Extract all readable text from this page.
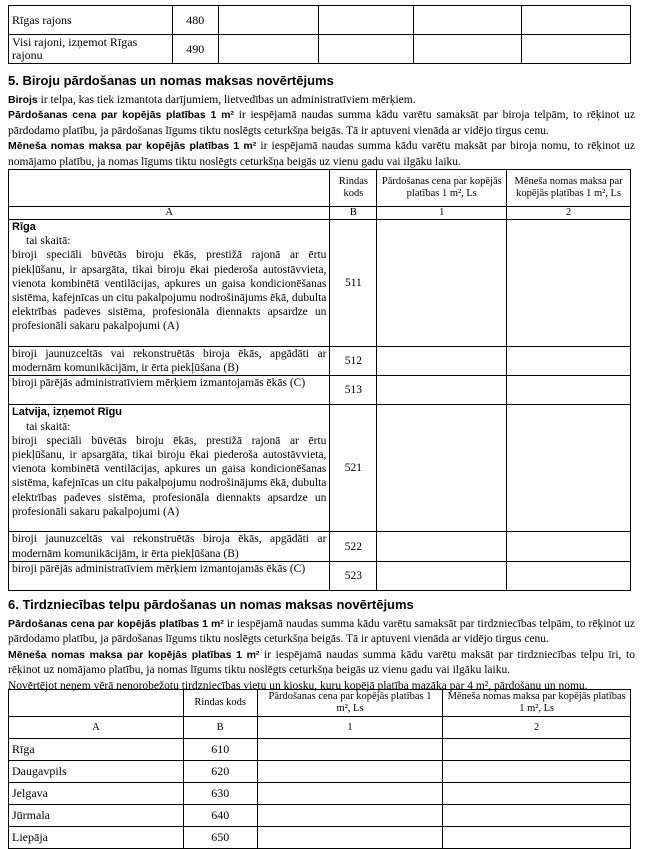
Rīgas rajons	480				
Visi rajoni, izņemot Rīgas rajonu	490				
5. Biroju pārdošanas un nomas maksas novērtējums

Birojs ir telpa, kas tiek izmantota darījumiem, lietvedības un administratīviem mērķiem.

Pārdošanas cena par kopējās platības 1 m² ir iespējamā naudas summa kādu varētu samaksāt par biroja telpām, to rēķinot uz pārdodamo platību, ja pārdošanas līgums tiktu noslēgts ceturkšņa beigās. Tā ir aptuveni vienāda ar vidējo tirgus cenu.

Mēneša nomas maksa par kopējās platības 1 m² ir iespējamā naudas summa kādu varētu maksāt par biroja nomu, to rēķinot uz nomājamo platību, ja nomas līgums tiktu noslēgts ceturkšņa beigās uz vienu gadu vai ilgāku laiku.

	Rindas kods	Pārdošanas cena par kopējās platības 1 m², Ls	Mēneša nomas maksa par kopējās platības 1 m², Ls
A	B	1	2

Rīga
tai skaitā:
biroji speciāli būvētās biroju ēkās, prestižā rajonā ar ērtu piekļūšanu, ir apsargāta, tikai biroju ēkai piederoša autostāvvieta, vienota kombinētā ventilācijas, apkures un gaisa kondicionēšanas sistēma, kafejnīcas un citu pakalpojumu nodrošinājums ēkā, dubulta elektrības padeves sistēma, profesionāla diennakts apsardze un profesionāli sakaru pakalpojumi (A)	511		
biroji jaunuzceltās vai rekonstruētās biroja ēkās, apgādāti ar modernām komunikācijām, ir ērta piekļūšana (B)	512		
biroji pārējās administratīviem mērķiem izmantojamās ēkās (C)	513		

Latvija, izņemot Rīgu
tai skaitā:
biroji speciāli būvētās biroju ēkās, prestižā rajonā ar ērtu piekļūšanu, ir apsargāta, tikai biroju ēkai piederoša autostāvvieta, vienota kombinētā ventilācijas, apkures un gaisa kondicionēšanas sistēma, kafejnīcas un citu pakalpojumu nodrošinājums ēkā, dubulta elektrības padeves sistēma, profesionāla diennakts apsardze un profesionāli sakaru pakalpojumi (A)	521		
biroji jaunuzceltās vai rekonstruētās biroja ēkās, apgādāti ar modernām komunikācijām, ir ērta piekļūšana (B)	522		
biroji pārējās administratīviem mērķiem izmantojamās ēkās (C)	523		
6. Tirdzniecības telpu pārdošanas un nomas maksas novērtējums

Pārdošanas cena par kopējās platības 1 m² ir iespējamā naudas summa kādu varētu samaksāt par tirdzniecības telpām, to rēķinot uz pārdodamo platību, ja pārdošanas līgums tiktu noslēgts ceturkšņa beigās. Tā ir aptuveni vienāda ar vidējo tirgus cenu.

Mēneša nomas maksa par kopējās platības 1 m² ir iespējamā naudas summa kādu varētu maksāt par tirdzniecības telpu īri, to rēķinot uz nomājamo platību, ja nomas līgums tiktu noslēgts ceturkšņa beigās uz vienu gadu vai ilgāku laiku.

Novērtējot neņem vērā nenorobežotu tirdzniecības vietu un kiosku, kuru kopējā platība mazāka par 4 m², pārdošanu un nomu.

	Rindas kods	Pārdošanas cena par kopējās platības 1 m², Ls	Mēneša nomas maksa par kopējās platības 1 m², Ls
A	B	1	2
Rīga	610		
Daugavpils	620		
Jelgava	630		
Jūrmala	640		
Liepāja	650		
